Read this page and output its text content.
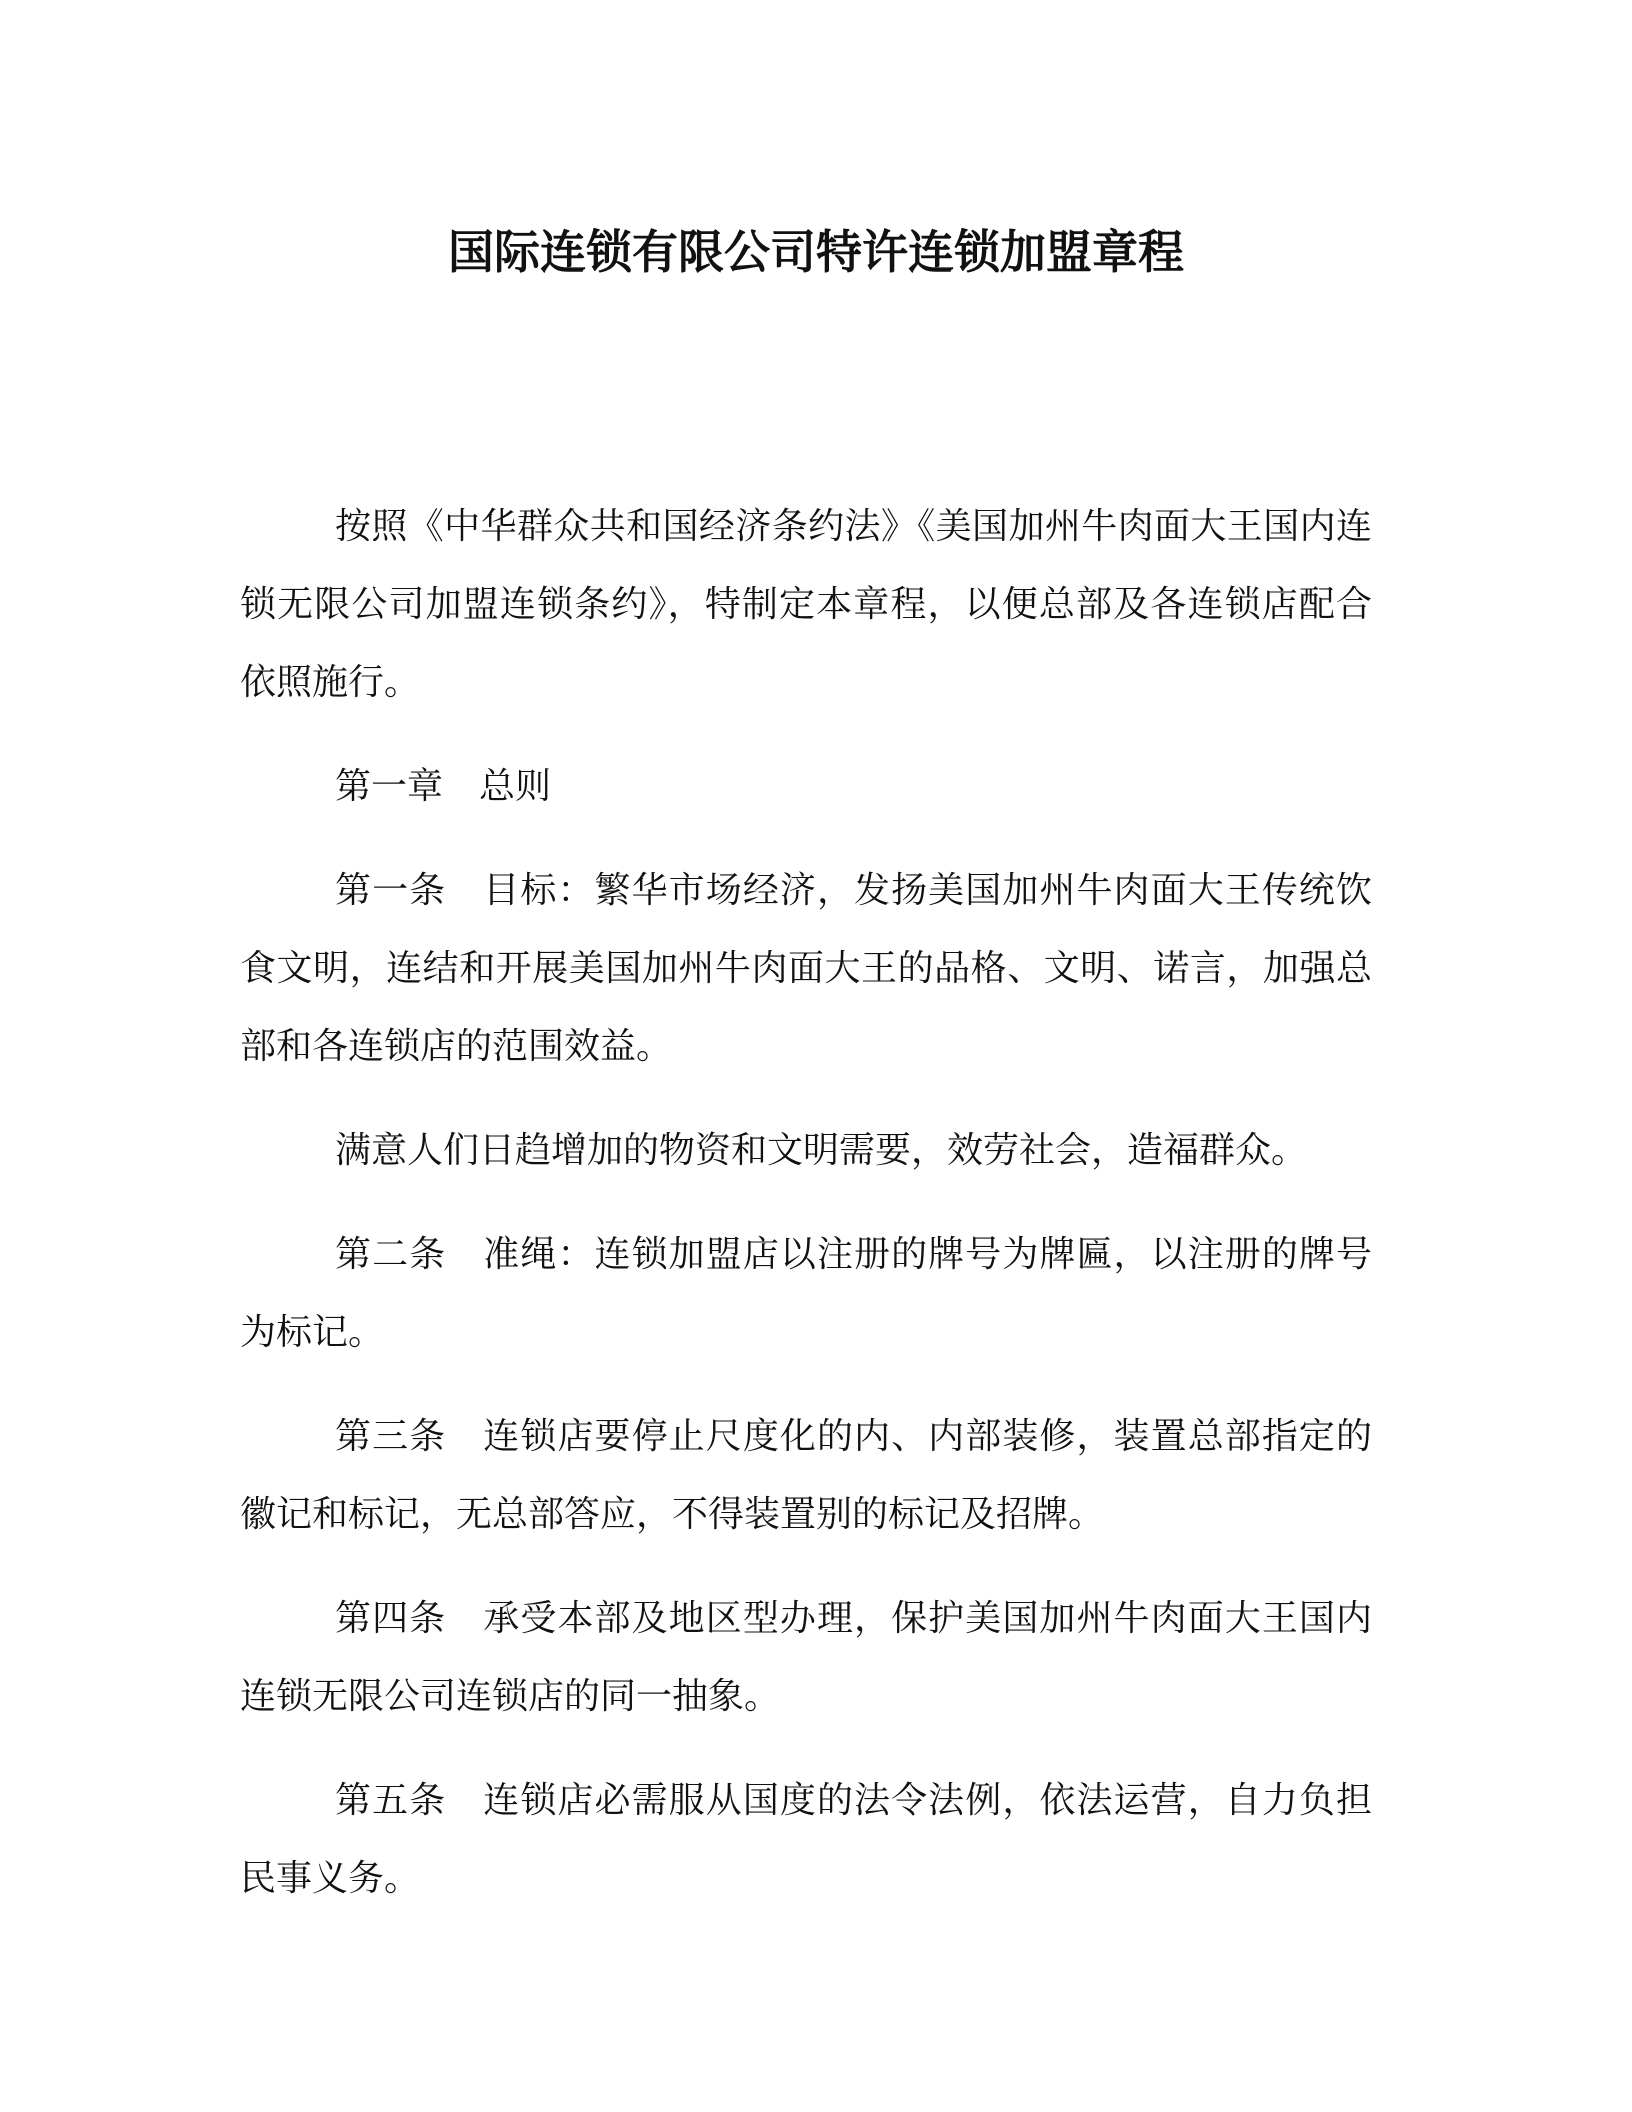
国际连锁有限公司特许连锁加盟章程

按照《中华群众共和国经济条约法》《美国加州牛肉面大王国内连锁无限公司加盟连锁条约》，特制定本章程，以便总部及各连锁店配合依照施行。

第一章 总则

第一条 目标：繁华市场经济，发扬美国加州牛肉面大王传统饮食文明，连结和开展美国加州牛肉面大王的品格、文明、诺言，加强总部和各连锁店的范围效益。

满意人们日趋增加的物资和文明需要，效劳社会，造福群众。

第二条 准绳：连锁加盟店以注册的牌号为牌匾，以注册的牌号为标记。

第三条 连锁店要停止尺度化的内、内部装修，装置总部指定的徽记和标记，无总部答应，不得装置别的标记及招牌。

第四条 承受本部及地区型办理，保护美国加州牛肉面大王国内连锁无限公司连锁店的同一抽象。

第五条 连锁店必需服从国度的法令法例，依法运营，自力负担民事义务。
